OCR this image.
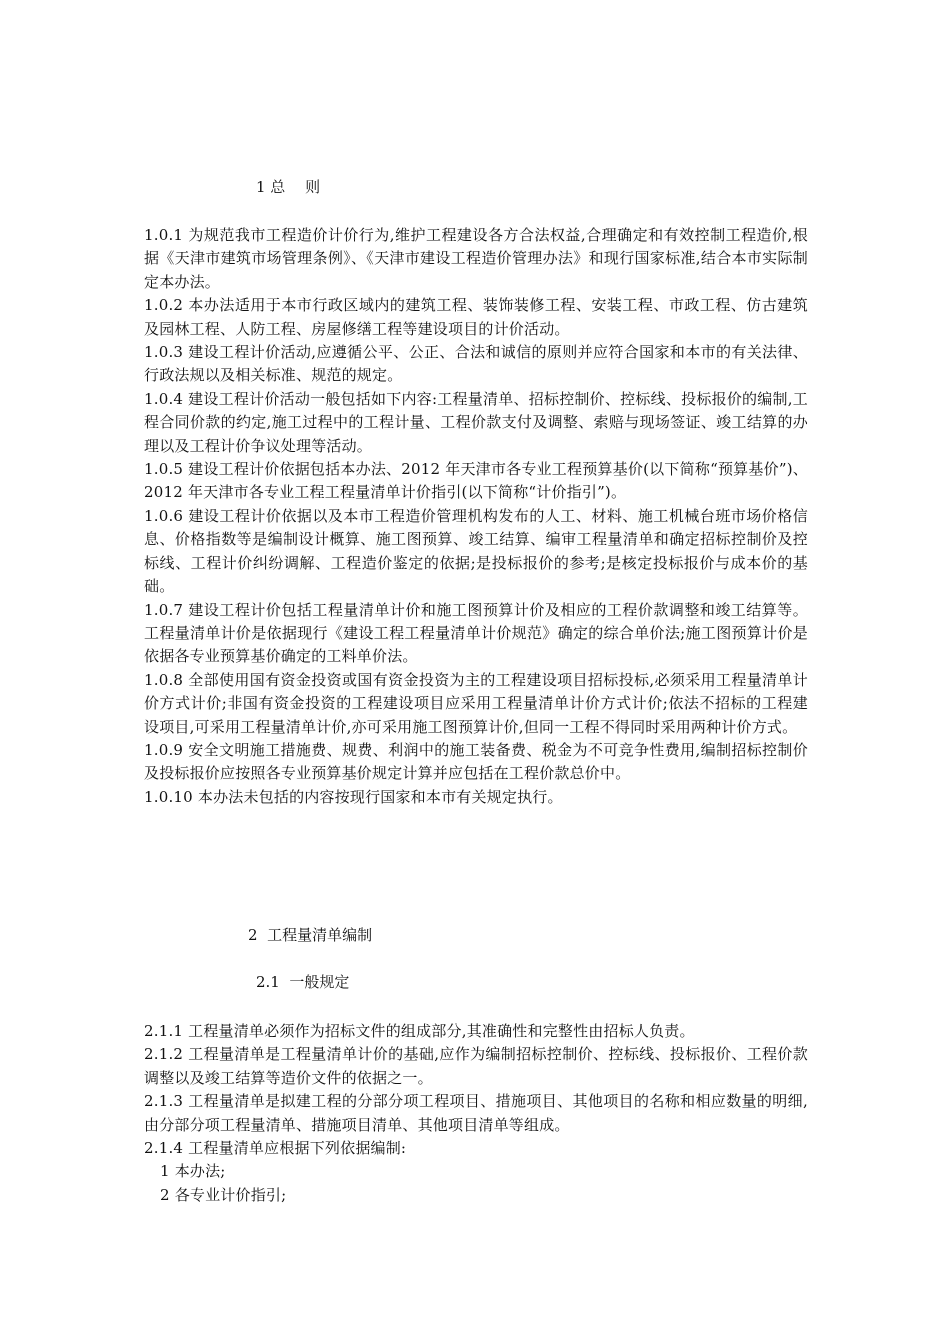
1 总　 则

1.0.1 为规范我市工程造价计价行为,维护工程建设各方合法权益,合理确定和有效控制工程造价,根据《天津市建筑市场管理条例》、《天津市建设工程造价管理办法》和现行国家标准,结合本市实际制定本办法。

1.0.2 本办法适用于本市行政区域内的建筑工程、装饰装修工程、安装工程、市政工程、仿古建筑及园林工程、人防工程、房屋修缮工程等建设项目的计价活动。

1.0.3 建设工程计价活动,应遵循公平、公正、合法和诚信的原则并应符合国家和本市的有关法律、行政法规以及相关标准、规范的规定。

1.0.4 建设工程计价活动一般包括如下内容:工程量清单、招标控制价、控标线、投标报价的编制,工程合同价款的约定,施工过程中的工程计量、工程价款支付及调整、索赔与现场签证、竣工结算的办理以及工程计价争议处理等活动。

1.0.5 建设工程计价依据包括本办法、2012 年天津市各专业工程预算基价(以下简称“预算基价”)、2012 年天津市各专业工程工程量清单计价指引(以下简称“计价指引”)。

1.0.6 建设工程计价依据以及本市工程造价管理机构发布的人工、材料、施工机械台班市场价格信息、价格指数等是编制设计概算、施工图预算、竣工结算、编审工程量清单和确定招标控制价及控标线、工程计价纠纷调解、工程造价鉴定的依据;是投标报价的参考;是核定投标报价与成本价的基础。

1.0.7 建设工程计价包括工程量清单计价和施工图预算计价及相应的工程价款调整和竣工结算等。工程量清单计价是依据现行《建设工程工程量清单计价规范》确定的综合单价法;施工图预算计价是依据各专业预算基价确定的工料单价法。

1.0.8 全部使用国有资金投资或国有资金投资为主的工程建设项目招标投标,必须采用工程量清单计价方式计价;非国有资金投资的工程建设项目应采用工程量清单计价方式计价;依法不招标的工程建设项目,可采用工程量清单计价,亦可采用施工图预算计价,但同一工程不得同时采用两种计价方式。

1.0.9 安全文明施工措施费、规费、利润中的施工装备费、税金为不可竞争性费用,编制招标控制价及投标报价应按照各专业预算基价规定计算并应包括在工程价款总价中。

1.0.10 本办法未包括的内容按现行国家和本市有关规定执行。

2  工程量清单编制
2.1  一般规定

2.1.1 工程量清单必须作为招标文件的组成部分,其准确性和完整性由招标人负责。

2.1.2 工程量清单是工程量清单计价的基础,应作为编制招标控制价、控标线、投标报价、工程价款调整以及竣工结算等造价文件的依据之一。

2.1.3 工程量清单是拟建工程的分部分项工程项目、措施项目、其他项目的名称和相应数量的明细,由分部分项工程量清单、措施项目清单、其他项目清单等组成。

2.1.4 工程量清单应根据下列依据编制:

1 本办法;

2 各专业计价指引;
